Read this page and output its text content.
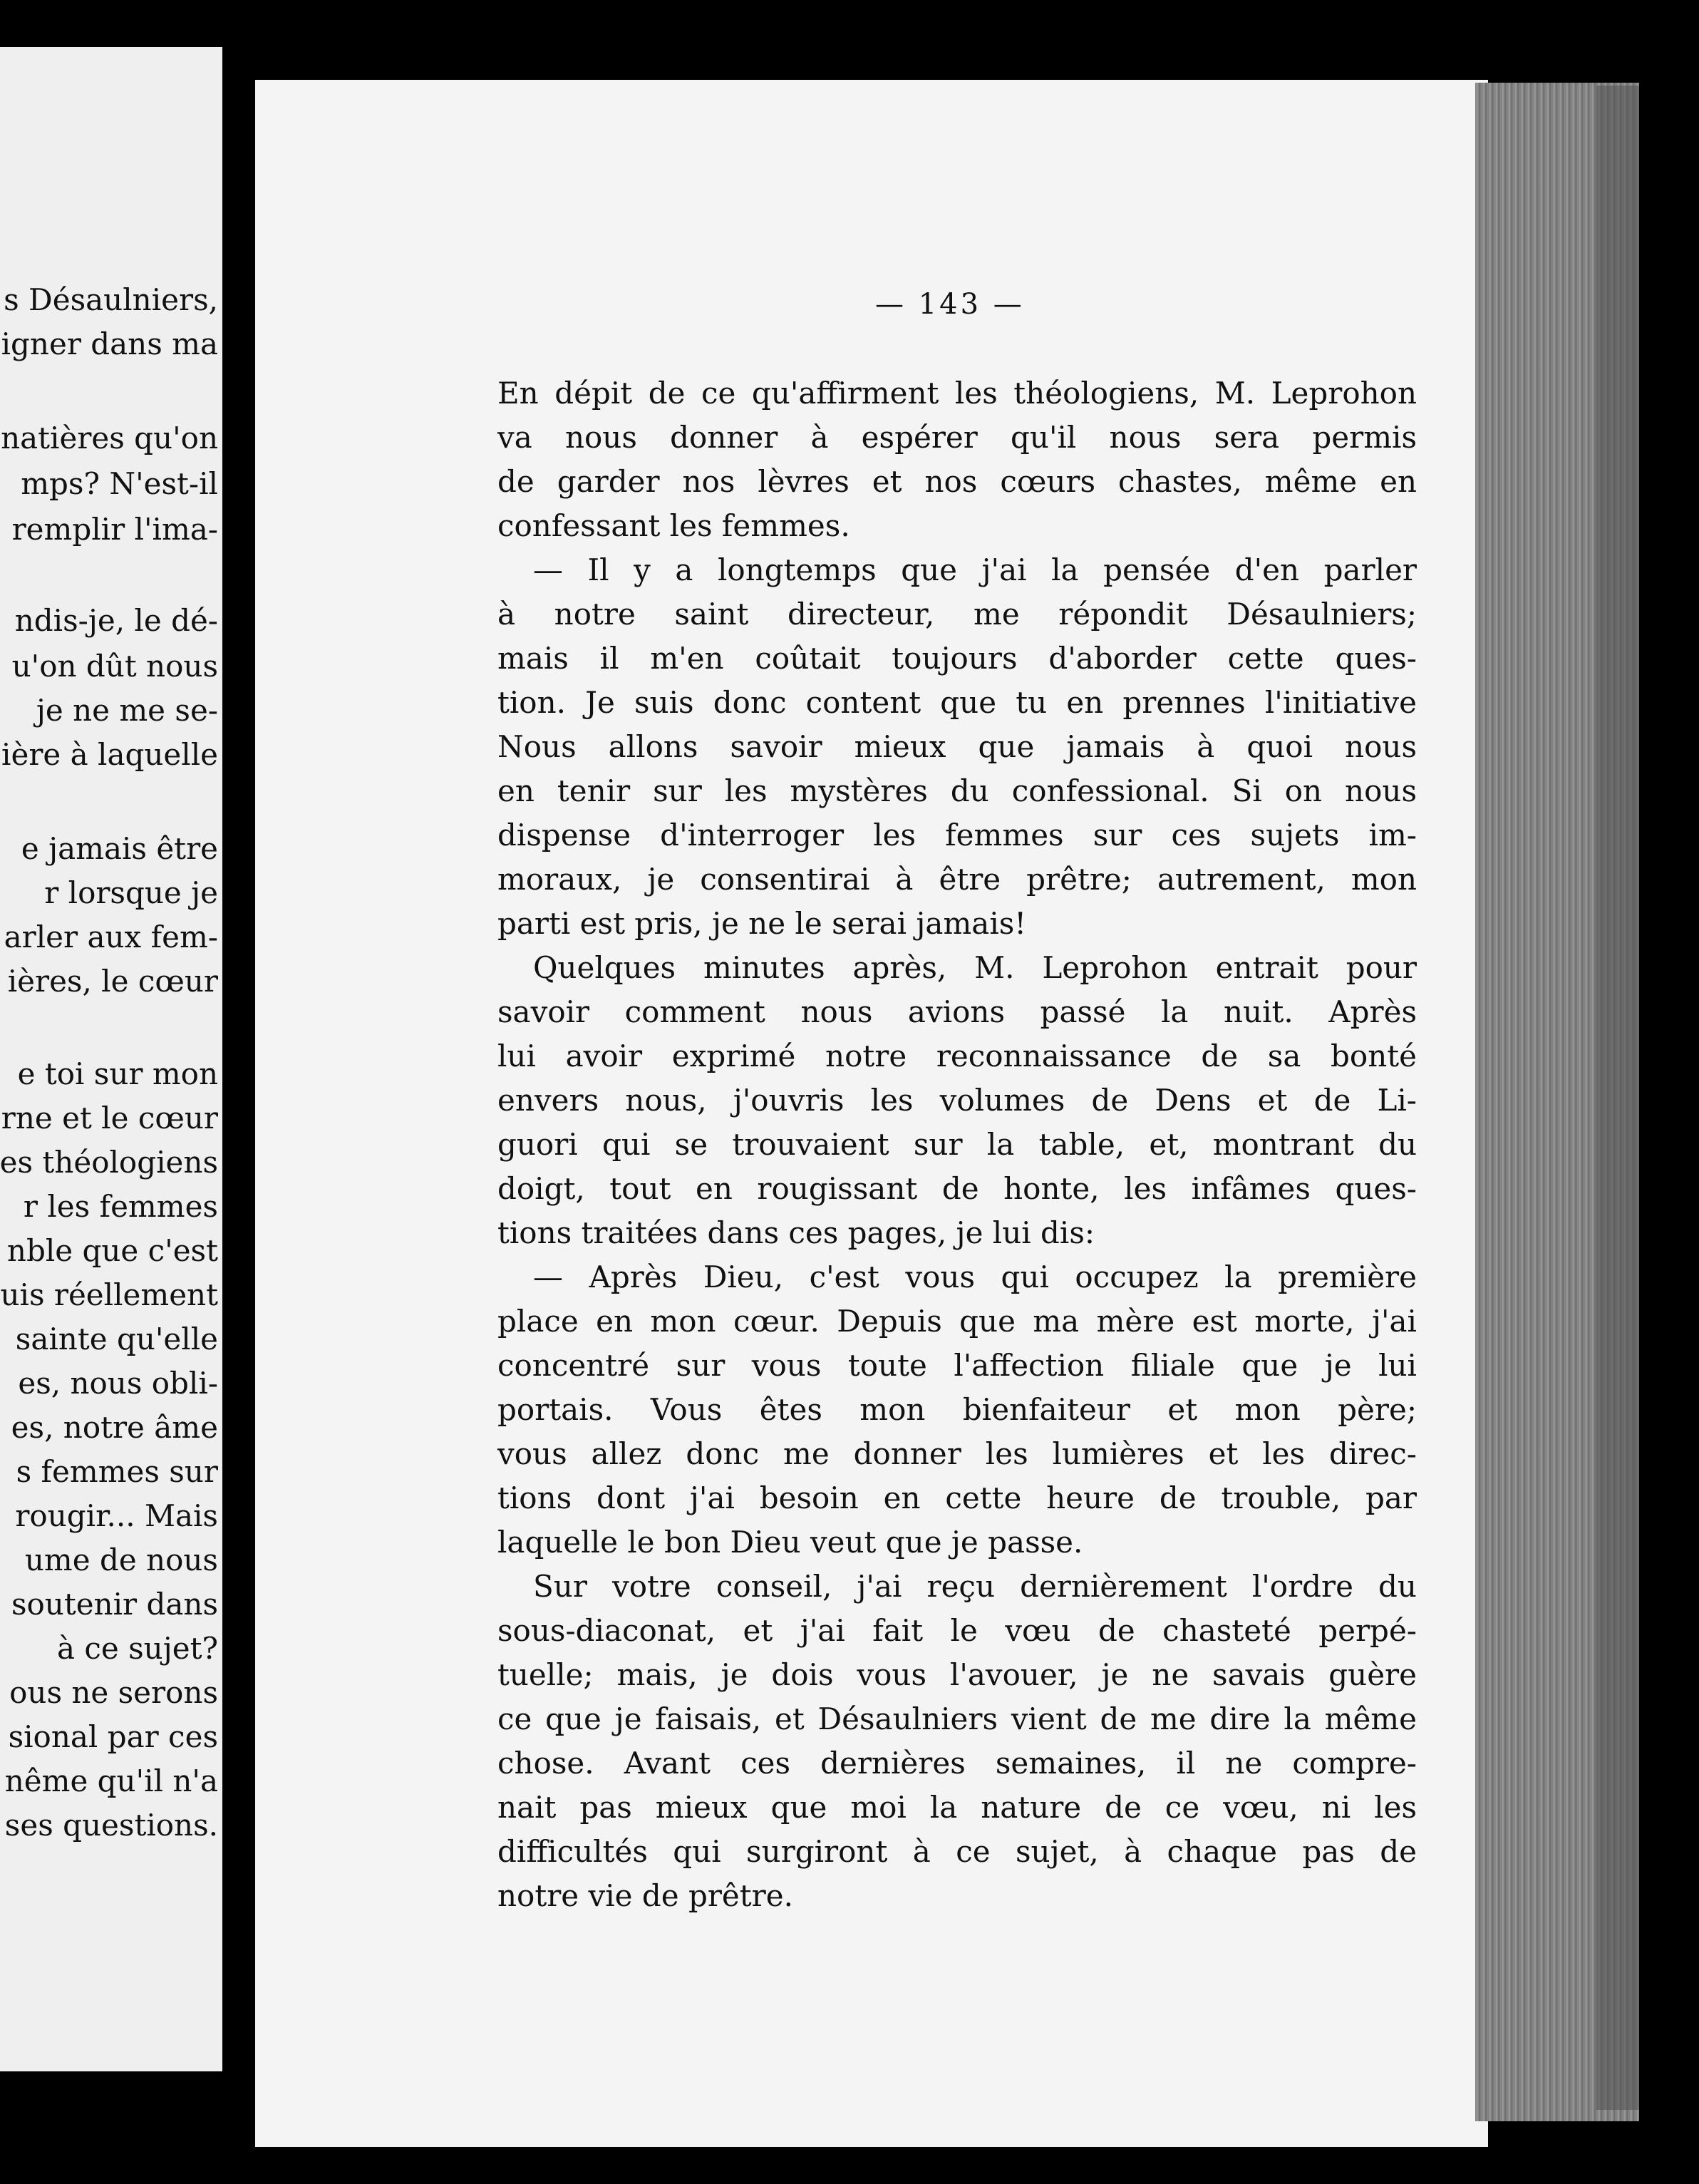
s Désaulniers,
igner dans ma
natières qu'on
mps? N'est-il
remplir l'ima-
ndis-je, le dé-
u'on dût nous
je ne me se-
ière à laquelle
e jamais être
r lorsque je
arler aux fem-
ières, le cœur
e toi sur mon
rne et le cœur
es théologiens
r les femmes
nble que c'est
uis réellement
sainte qu'elle
es, nous obli-
es, notre âme
s femmes sur
rougir... Mais
ume de nous
soutenir dans
à ce sujet?
ous ne serons
sional par ces
nême qu'il n'a
ses questions.
— 143 —
En dépit de ce qu'affirment les théologiens, M. Leprohon
va nous donner à espérer qu'il nous sera permis
de garder nos lèvres et nos cœurs chastes, même en
confessant les femmes.
— Il y a longtemps que j'ai la pensée d'en parler
à notre saint directeur, me répondit Désaulniers;
mais il m'en coûtait toujours d'aborder cette ques-
tion. Je suis donc content que tu en prennes l'initiative
Nous allons savoir mieux que jamais à quoi nous
en tenir sur les mystères du confessional. Si on nous
dispense d'interroger les femmes sur ces sujets im-
moraux, je consentirai à être prêtre; autrement, mon
parti est pris, je ne le serai jamais!
Quelques minutes après, M. Leprohon entrait pour
savoir comment nous avions passé la nuit. Après
lui avoir exprimé notre reconnaissance de sa bonté
envers nous, j'ouvris les volumes de Dens et de Li-
guori qui se trouvaient sur la table, et, montrant du
doigt, tout en rougissant de honte, les infâmes ques-
tions traitées dans ces pages, je lui dis:
— Après Dieu, c'est vous qui occupez la première
place en mon cœur. Depuis que ma mère est morte, j'ai
concentré sur vous toute l'affection filiale que je lui
portais. Vous êtes mon bienfaiteur et mon père;
vous allez donc me donner les lumières et les direc-
tions dont j'ai besoin en cette heure de trouble, par
laquelle le bon Dieu veut que je passe.
Sur votre conseil, j'ai reçu dernièrement l'ordre du
sous-diaconat, et j'ai fait le vœu de chasteté perpé-
tuelle; mais, je dois vous l'avouer, je ne savais guère
ce que je faisais, et Désaulniers vient de me dire la même
chose. Avant ces dernières semaines, il ne compre-
nait pas mieux que moi la nature de ce vœu, ni les
difficultés qui surgiront à ce sujet, à chaque pas de
notre vie de prêtre.
